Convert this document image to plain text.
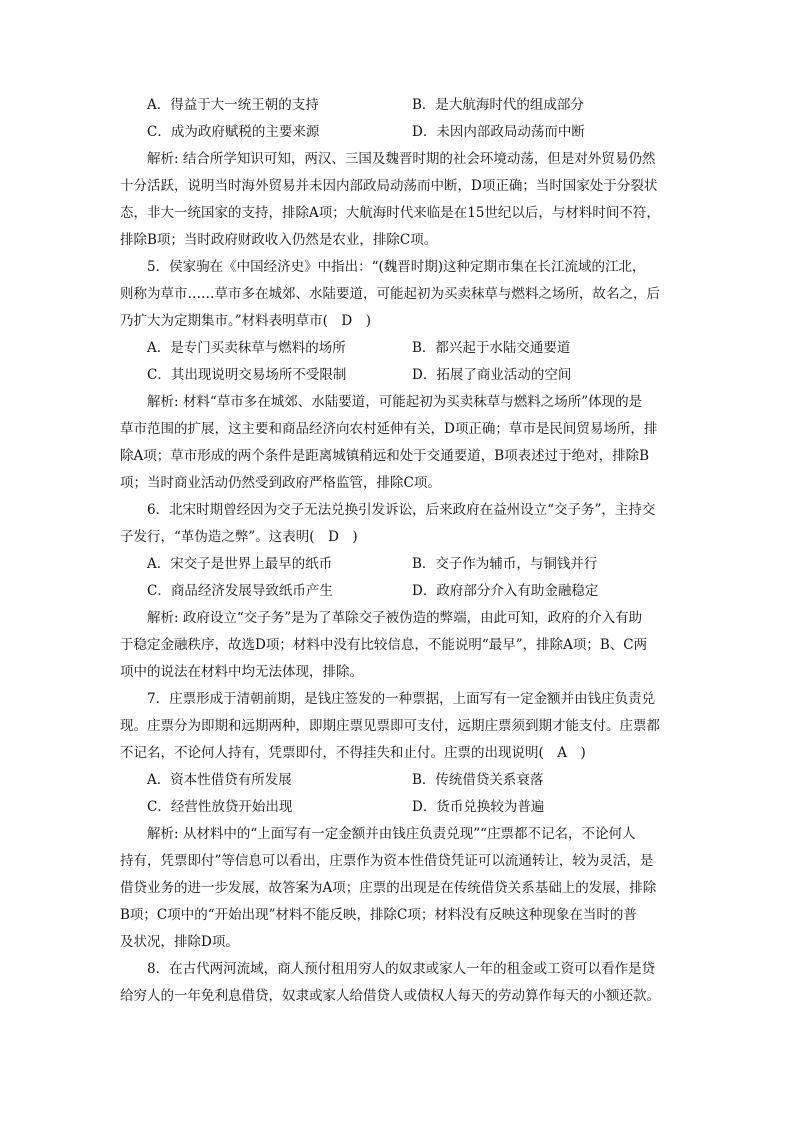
A．得益于大一统王朝的支持	B．是大航海时代的组成部分
C．成为政府赋税的主要来源	D．未因内部政局动荡而中断
解析: 结合所学知识可知，两汉、三国及魏晋时期的社会环境动荡，但是对外贸易仍然
十分活跃，说明当时海外贸易并未因内部政局动荡而中断，D项正确；当时国家处于分裂状
态，非大一统国家的支持，排除A项；大航海时代来临是在15世纪以后，与材料时间不符，
排除B项；当时政府财政收入仍然是农业，排除C项。
5．侯家驹在《中国经济史》中指出：“(魏晋时期)这种定期市集在长江流域的江北，
则称为草市……草市多在城郊、水陆要道，可能起初为买卖秣草与燃料之场所，故名之，后
乃扩大为定期集市。”材料表明草市(　D　)
A．是专门买卖秣草与燃料的场所	B．都兴起于水陆交通要道
C．其出现说明交易场所不受限制	D．拓展了商业活动的空间
解析: 材料“草市多在城郊、水陆要道，可能起初为买卖秣草与燃料之场所”体现的是
草市范围的扩展，这主要和商品经济向农村延伸有关，D项正确；草市是民间贸易场所，排
除A项；草市形成的两个条件是距离城镇稍远和处于交通要道，B项表述过于绝对，排除B
项；当时商业活动仍然受到政府严格监管，排除C项。
6．北宋时期曾经因为交子无法兑换引发诉讼，后来政府在益州设立“交子务”，主持交
子发行，“革伪造之弊”。这表明(　D　)
A．宋交子是世界上最早的纸币	B．交子作为辅币，与铜钱并行
C．商品经济发展导致纸币产生	D．政府部分介入有助金融稳定
解析: 政府设立“交子务”是为了革除交子被伪造的弊端，由此可知，政府的介入有助
于稳定金融秩序，故选D项；材料中没有比较信息，不能说明“最早”，排除A项；B、C两
项中的说法在材料中均无法体现，排除。
7．庄票形成于清朝前期，是钱庄签发的一种票据，上面写有一定金额并由钱庄负责兑
现。庄票分为即期和远期两种，即期庄票见票即可支付，远期庄票须到期才能支付。庄票都
不记名，不论何人持有，凭票即付，不得挂失和止付。庄票的出现说明(　A　)
A．资本性借贷有所发展	B．传统借贷关系衰落
C．经营性放贷开始出现	D．货币兑换较为普遍
解析: 从材料中的“上面写有一定金额并由钱庄负责兑现”“庄票都不记名，不论何人
持有，凭票即付”等信息可以看出，庄票作为资本性借贷凭证可以流通转让，较为灵活，是
借贷业务的进一步发展，故答案为A项；庄票的出现是在传统借贷关系基础上的发展，排除
B项；C项中的“开始出现”材料不能反映，排除C项；材料没有反映这种现象在当时的普
及状况，排除D项。
8．在古代两河流域，商人预付租用穷人的奴隶或家人一年的租金或工资可以看作是贷
给穷人的一年免利息借贷，奴隶或家人给借贷人或债权人每天的劳动算作每天的小额还款。
